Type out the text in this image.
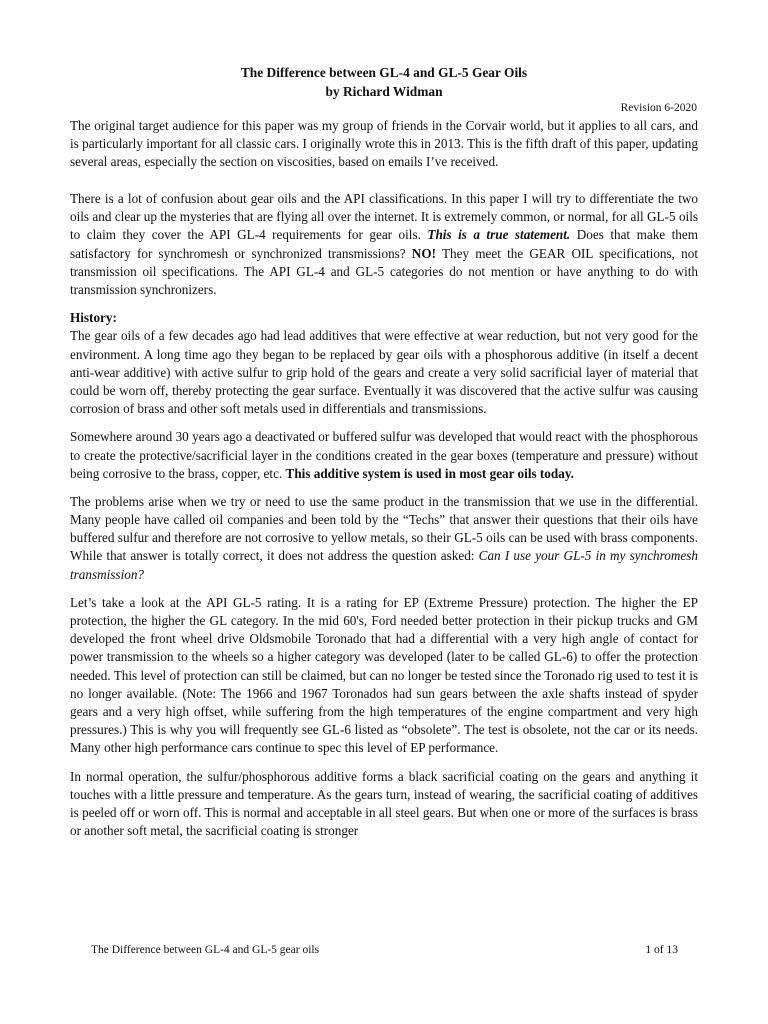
The Difference between GL-4 and GL-5 Gear Oils
by Richard Widman
Revision 6-2020

The original target audience for this paper was my group of friends in the Corvair world, but it applies to all cars, and is particularly important for all classic cars. I originally wrote this in 2013. This is the fifth draft of this paper, updating several areas, especially the section on viscosities, based on emails I’ve received.

There is a lot of confusion about gear oils and the API classifications. In this paper I will try to differentiate the two oils and clear up the mysteries that are flying all over the internet. It is extremely common, or normal, for all GL-5 oils to claim they cover the API GL-4 requirements for gear oils. This is a true statement. Does that make them satisfactory for synchromesh or synchronized transmissions? NO! They meet the GEAR OIL specifications, not transmission oil specifications. The API GL-4 and GL-5 categories do not mention or have anything to do with transmission synchronizers.

History:

The gear oils of a few decades ago had lead additives that were effective at wear reduction, but not very good for the environment. A long time ago they began to be replaced by gear oils with a phosphorous additive (in itself a decent anti-wear additive) with active sulfur to grip hold of the gears and create a very solid sacrificial layer of material that could be worn off, thereby protecting the gear surface. Eventually it was discovered that the active sulfur was causing corrosion of brass and other soft metals used in differentials and transmissions.

Somewhere around 30 years ago a deactivated or buffered sulfur was developed that would react with the phosphorous to create the protective/sacrificial layer in the conditions created in the gear boxes (temperature and pressure) without being corrosive to the brass, copper, etc. This additive system is used in most gear oils today.

The problems arise when we try or need to use the same product in the transmission that we use in the differential. Many people have called oil companies and been told by the “Techs” that answer their questions that their oils have buffered sulfur and therefore are not corrosive to yellow metals, so their GL-5 oils can be used with brass components. While that answer is totally correct, it does not address the question asked: Can I use your GL-5 in my synchromesh transmission?

Let’s take a look at the API GL-5 rating. It is a rating for EP (Extreme Pressure) protection. The higher the EP protection, the higher the GL category. In the mid 60's, Ford needed better protection in their pickup trucks and GM developed the front wheel drive Oldsmobile Toronado that had a differential with a very high angle of contact for power transmission to the wheels so a higher category was developed (later to be called GL-6) to offer the protection needed. This level of protection can still be claimed, but can no longer be tested since the Toronado rig used to test it is no longer available. (Note: The 1966 and 1967 Toronados had sun gears between the axle shafts instead of spyder gears and a very high offset, while suffering from the high temperatures of the engine compartment and very high pressures.) This is why you will frequently see GL-6 listed as “obsolete”. The test is obsolete, not the car or its needs. Many other high performance cars continue to spec this level of EP performance.

In normal operation, the sulfur/phosphorous additive forms a black sacrificial coating on the gears and anything it touches with a little pressure and temperature. As the gears turn, instead of wearing, the sacrificial coating of additives is peeled off or worn off. This is normal and acceptable in all steel gears. But when one or more of the surfaces is brass or another soft metal, the sacrificial coating is stronger

The Difference between GL-4 and GL-5 gear oils	1 of 13
